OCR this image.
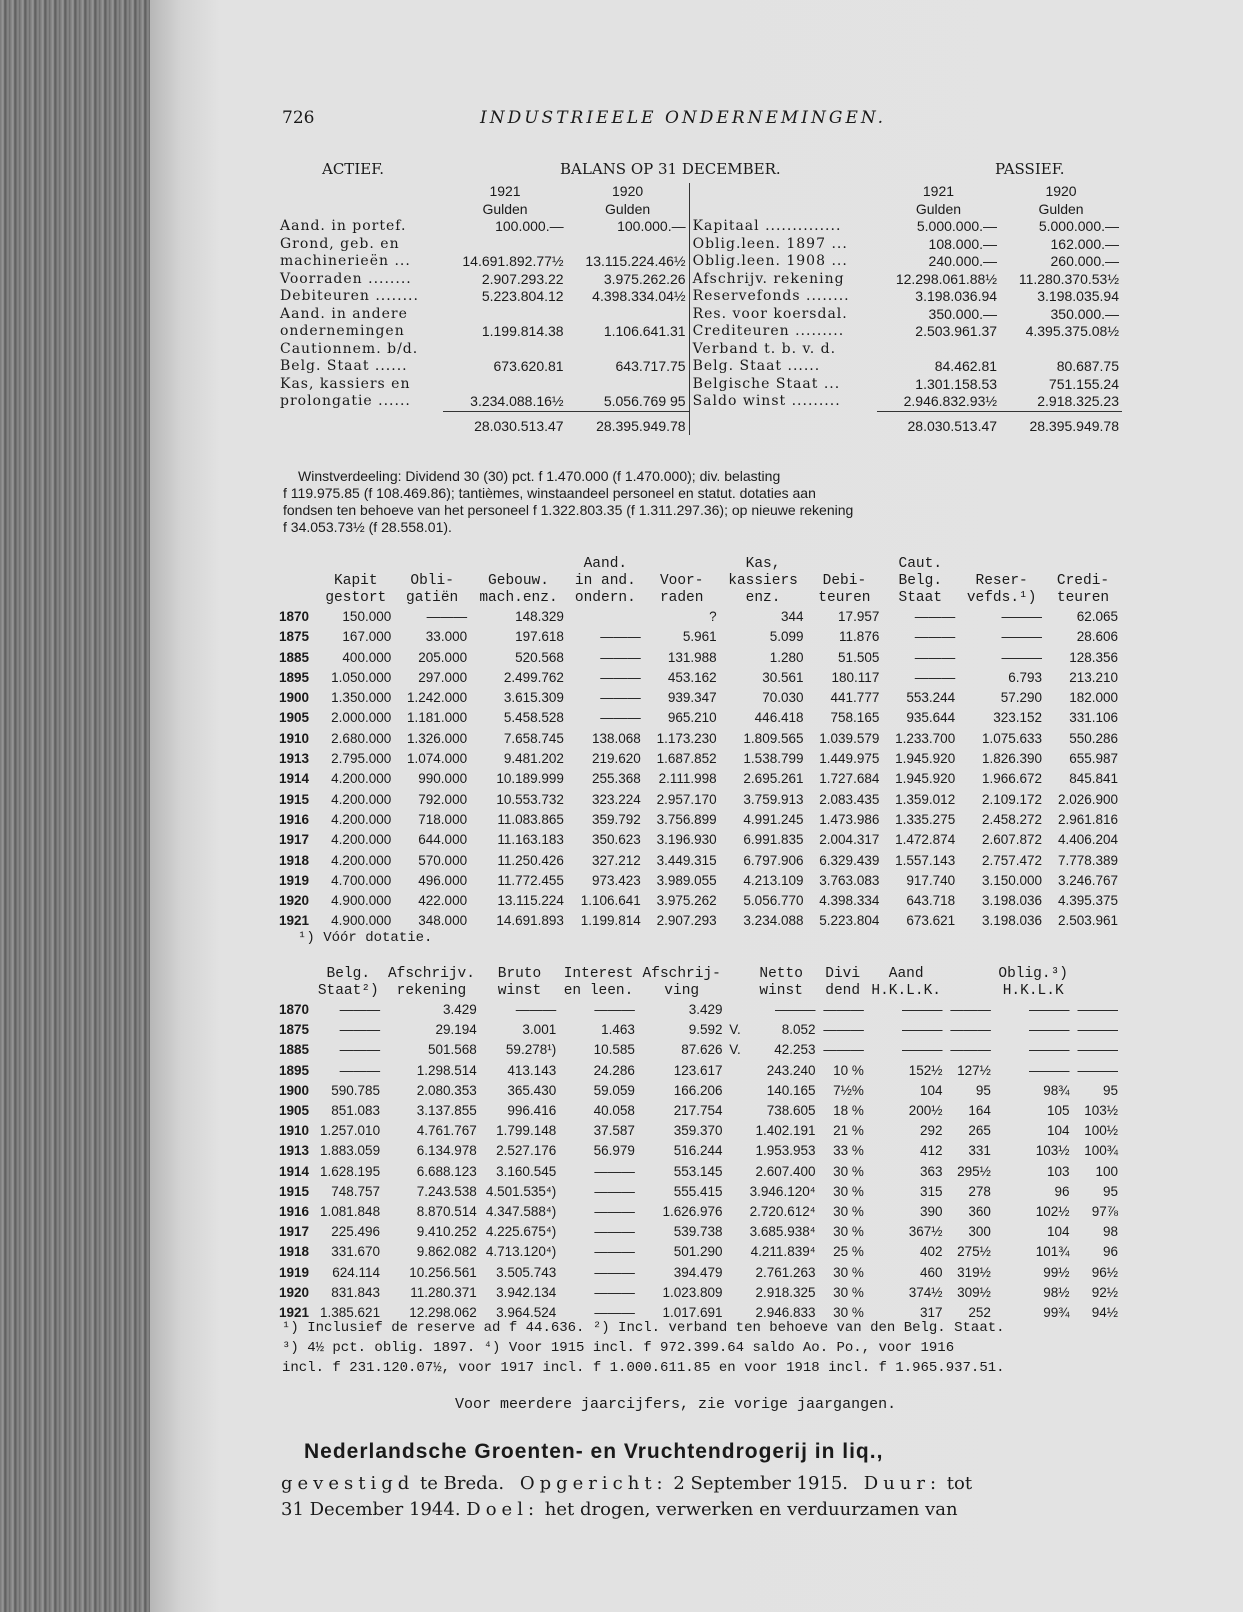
726	INDUSTRIEELE ONDERNEMINGEN.
ACTIEF.	BALANS OP 31 DECEMBER.	PASSIEF.
	1921	1920		1921	1920
	Gulden	Gulden		Gulden	Gulden
Aand. in portef.	100.000.—	100.000.—	Kapitaal ..............	5.000.000.—	5.000.000.—
Grond, geb. en			Oblig.leen. 1897 ...	108.000.—	162.000.—
machinerieën ...	14.691.892.77½	13.115.224.46½	Oblig.leen. 1908 ...	240.000.—	260.000.—
Voorraden ........	2.907.293.22	3.975.262.26	Afschrijv. rekening	12.298.061.88½	11.280.370.53½
Debiteuren ........	5.223.804.12	4.398.334.04½	Reservefonds ........	3.198.036.94	3.198.035.94
Aand. in andere			Res. voor koersdal.	350.000.—	350.000.—
ondernemingen	1.199.814.38	1.106.641.31	Crediteuren .........	2.503.961.37	4.395.375.08½
Cautionnem. b/d.			Verband t. b. v. d.		
Belg. Staat ......	673.620.81	643.717.75	Belg. Staat ......	84.462.81	80.687.75
Kas, kassiers en			Belgische Staat ...	1.301.158.53	751.155.24
prolongatie ......	3.234.088.16½	5.056.769 95	Saldo winst .........	2.946.832.93½	2.918.325.23
	28.030.513.47	28.395.949.78		28.030.513.47	28.395.949.78
Winstverdeeling: Dividend 30 (30) pct. f 1.470.000 (f 1.470.000); div. belasting
f 119.975.85 (f 108.469.86); tantièmes, winstaandeel personeel en statut. dotaties aan
fondsen ten behoeve van het personeel f 1.322.803.35 (f 1.311.297.36); op nieuwe rekening
f 34.053.73½ (f 28.558.01).
				Aand.		Kas,		Caut.		
	Kapit	Obli-	Gebouw.	in and.	Voor-	kassiers	Debi-	Belg.	Reser-	Credi-
	gestort	gatiën	mach.enz.	ondern.	raden	enz.	teuren	Staat	vefds.¹)	teuren
1870	150.000	———	148.329		?	344	17.957	———	———	62.065
1875	167.000	33.000	197.618	———	5.961	5.099	11.876	———	———	28.606
1885	400.000	205.000	520.568	———	131.988	1.280	51.505	———	———	128.356
1895	1.050.000	297.000	2.499.762	———	453.162	30.561	180.117	———	6.793	213.210
1900	1.350.000	1.242.000	3.615.309	———	939.347	70.030	441.777	553.244	57.290	182.000
1905	2.000.000	1.181.000	5.458.528	———	965.210	446.418	758.165	935.644	323.152	331.106
1910	2.680.000	1.326.000	7.658.745	138.068	1.173.230	1.809.565	1.039.579	1.233.700	1.075.633	550.286
1913	2.795.000	1.074.000	9.481.202	219.620	1.687.852	1.538.799	1.449.975	1.945.920	1.826.390	655.987
1914	4.200.000	990.000	10.189.999	255.368	2.111.998	2.695.261	1.727.684	1.945.920	1.966.672	845.841
1915	4.200.000	792.000	10.553.732	323.224	2.957.170	3.759.913	2.083.435	1.359.012	2.109.172	2.026.900
1916	4.200.000	718.000	11.083.865	359.792	3.756.899	4.991.245	1.473.986	1.335.275	2.458.272	2.961.816
1917	4.200.000	644.000	11.163.183	350.623	3.196.930	6.991.835	2.004.317	1.472.874	2.607.872	4.406.204
1918	4.200.000	570.000	11.250.426	327.212	3.449.315	6.797.906	6.329.439	1.557.143	2.757.472	7.778.389
1919	4.700.000	496.000	11.772.455	973.423	3.989.055	4.213.109	3.763.083	917.740	3.150.000	3.246.767
1920	4.900.000	422.000	13.115.224	1.106.641	3.975.262	5.056.770	4.398.334	643.718	3.198.036	4.395.375
1921	4.900.000	348.000	14.691.893	1.199.814	2.907.293	3.234.088	5.223.804	673.621	3.198.036	2.503.961
¹) Vóór dotatie.
	Belg.	Afschrijv.	Bruto	Interest	Afschrij-		Netto	Divi	Aand		Oblig.³)	
	Staat²)	rekening	winst	en leen.	ving		winst	dend	H.K.L.K.		H.K.L.K	
1870	———	3.429	———	———	3.429		———	———	———	———	———	———
1875	———	29.194	3.001	1.463	9.592	V.	8.052	———	———	———	———	———
1885	———	501.568	59.278¹)	10.585	87.626	V.	42.253	———	———	———	———	———
1895	———	1.298.514	413.143	24.286	123.617		243.240	10 %	152½	127½	———	———
1900	590.785	2.080.353	365.430	59.059	166.206		140.165	7½%	104	95	98¾	95
1905	851.083	3.137.855	996.416	40.058	217.754		738.605	18 %	200½	164	105	103½
1910	1.257.010	4.761.767	1.799.148	37.587	359.370		1.402.191	21 %	292	265	104	100½
1913	1.883.059	6.134.978	2.527.176	56.979	516.244		1.953.953	33 %	412	331	103½	100¾
1914	1.628.195	6.688.123	3.160.545	———	553.145		2.607.400	30 %	363	295½	103	100
1915	748.757	7.243.538	4.501.535⁴)	———	555.415		3.946.120⁴	30 %	315	278	96	95
1916	1.081.848	8.870.514	4.347.588⁴)	———	1.626.976		2.720.612⁴	30 %	390	360	102½	97⅞
1917	225.496	9.410.252	4.225.675⁴)	———	539.738		3.685.938⁴	30 %	367½	300	104	98
1918	331.670	9.862.082	4.713.120⁴)	———	501.290		4.211.839⁴	25 %	402	275½	101¾	96
1919	624.114	10.256.561	3.505.743	———	394.479		2.761.263	30 %	460	319½	99½	96½
1920	831.843	11.280.371	3.942.134	———	1.023.809		2.918.325	30 %	374½	309½	98½	92½
1921	1.385.621	12.298.062	3.964.524	———	1.017.691		2.946.833	30 %	317	252	99¾	94½
¹) Inclusief de reserve ad f 44.636. ²) Incl. verband ten behoeve van den Belg. Staat.
³) 4½ pct. oblig. 1897. ⁴) Voor 1915 incl. f 972.399.64 saldo Ao. Po., voor 1916
incl. f 231.120.07½, voor 1917 incl. f 1.000.611.85 en voor 1918 incl. f 1.965.937.51.
Voor meerdere jaarcijfers, zie vorige jaargangen.
Nederlandsche Groenten- en Vruchtendrogerij in liq.,
gevestigd te Breda. Opgericht: 2 September 1915. Duur: tot
31 December 1944. Doel: het drogen, verwerken en verduurzamen van
